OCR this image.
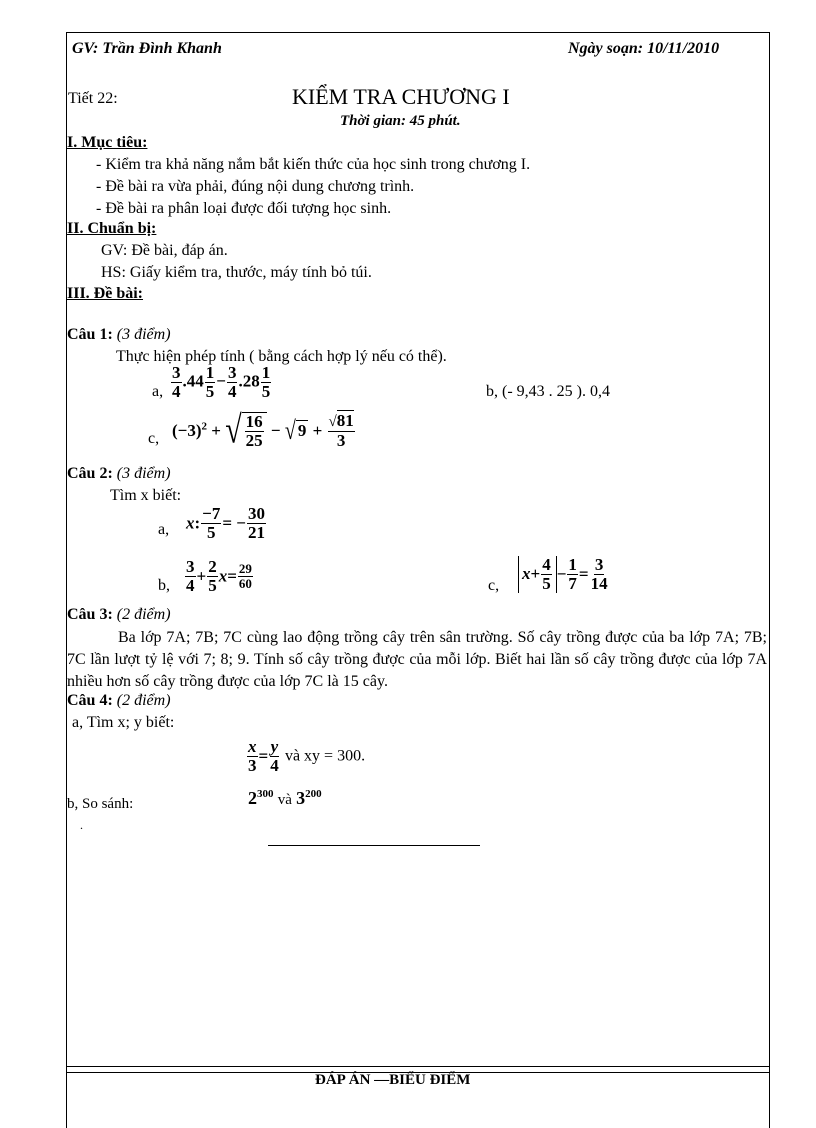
GV: Trần Đình Khanh	Ngày soạn: 10/11/2010
Tiết 22:	KIỂM TRA CHƯƠNG I
Thời gian: 45 phút.
I. Mục tiêu:
- Kiểm tra khả năng nắm bắt kiến thức của học sinh trong chương I.
- Đề bài ra vừa phải, đúng nội dung chương trình.
- Đề bài ra phân loại được đối tượng học sinh.
II. Chuẩn bị:
GV: Đề bài, đáp án.
HS: Giấy kiểm tra, thước, máy tính bỏ túi.
III. Đề bài:
Câu 1: (3 điểm)
Thực hiện phép tính ( bằng cách hợp lý nếu có thể).
a, $\frac{3}{4} .44 \frac{1}{5} - \frac{3}{4} .28 \frac{1}{5}$	b, (- 9,43 . 25 ). 0,4
c, $(-3)^2$ + √ $\frac{16}{25}$ − √ $9 + \frac{√81}{3}$
Câu 2: (3 điểm)
Tìm x biết:
a, x: $\frac{-7}{5}$ = − $\frac{30}{21}$
b, $\frac{3}{4} + \frac{2}{5} x= \frac{29}{60}$	c,
$x + \frac{4}{5} - \frac{1}{7} = \frac{3}{14}$
Câu 3: (2 điểm)
Ba lớp 7A; 7B; 7C cùng lao động trồng cây trên sân trường. Số cây trồng được của ba lớp 7A; 7B; 7C lần lượt tỷ lệ với 7; 8; 9. Tính số cây trồng được của mỗi lớp. Biết hai lần số cây trồng được của lớp 7A nhiều hơn số cây trồng được của lớp 7C là 15 cây.
Câu 4: (2 điểm)
a, Tìm x; y biết:
$\frac{x}{3} = \frac{y}{4}$ và xy = 300.
b, So sánh:	$2^{300}$ và $3^{200}$
.
ĐÁP ÁN —BIỂU ĐIỂM
